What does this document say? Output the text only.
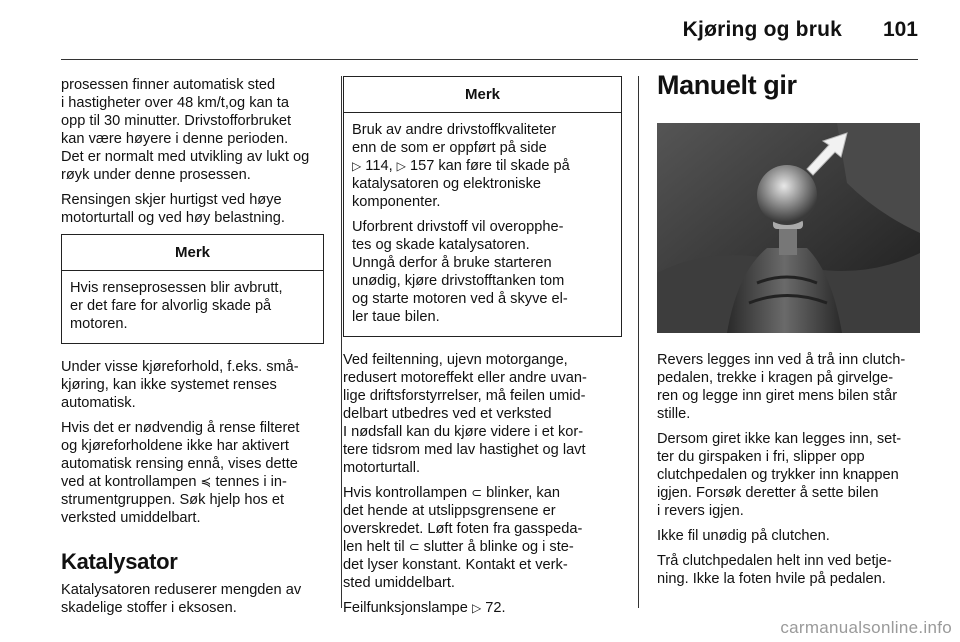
Kjøring og bruk 101

prosessen finner automatisk sted
i hastigheter over 48 km/t,og kan ta
opp til 30 minutter. Drivstofforbruket
kan være høyere i denne perioden.
Det er normalt med utvikling av lukt og
røyk under denne prosessen.

Rensingen skjer hurtigst ved høye
motorturtall og ved høy belastning.

Merk

Hvis renseprosessen blir avbrutt,
er det fare for alvorlig skade på
motoren.

Under visse kjøreforhold, f.eks. små-
kjøring, kan ikke systemet renses
automatisk.

Hvis det er nødvendig å rense filteret
og kjøreforholdene ikke har aktivert
automatisk rensing ennå, vises dette
ved at kontrollampen ≼ tennes i in-
strumentgruppen. Søk hjelp hos et
verksted umiddelbart.

Katalysator

Katalysatoren reduserer mengden av
skadelige stoffer i eksosen.

Merk

Bruk av andre drivstoffkvaliteter
enn de som er oppført på side
▷ 114, ▷ 157 kan føre til skade på
katalysatoren og elektroniske
komponenter.

Uforbrent drivstoff vil overopphe-
tes og skade katalysatoren.
Unngå derfor å bruke starteren
unødig, kjøre drivstofftanken tom
og starte motoren ved å skyve el-
ler taue bilen.

Ved feiltenning, ujevn motorgange,
redusert motoreffekt eller andre uvan-
lige driftsforstyrrelser, må feilen umid-
delbart utbedres ved et verksted
I nødsfall kan du kjøre videre i et kor-
tere tidsrom med lav hastighet og lavt
motorturtall.

Hvis kontrollampen ⊂ blinker, kan
det hende at utslippsgrensene er
overskredet. Løft foten fra gasspeda-
len helt til ⊂ slutter å blinke og i ste-
det lyser konstant. Kontakt et verk-
sted umiddelbart.

Feilfunksjonslampe ▷ 72.

Manuelt gir

Revers legges inn ved å trå inn clutch-
pedalen, trekke i kragen på girvelge-
ren og legge inn giret mens bilen står
stille.

Dersom giret ikke kan legges inn, set-
ter du girspaken i fri, slipper opp
clutchpedalen og trykker inn knappen
igjen. Forsøk deretter å sette bilen
i revers igjen.

Ikke fil unødig på clutchen.

Trå clutchpedalen helt inn ved betje-
ning. Ikke la foten hvile på pedalen.

carmanualsonline.info
